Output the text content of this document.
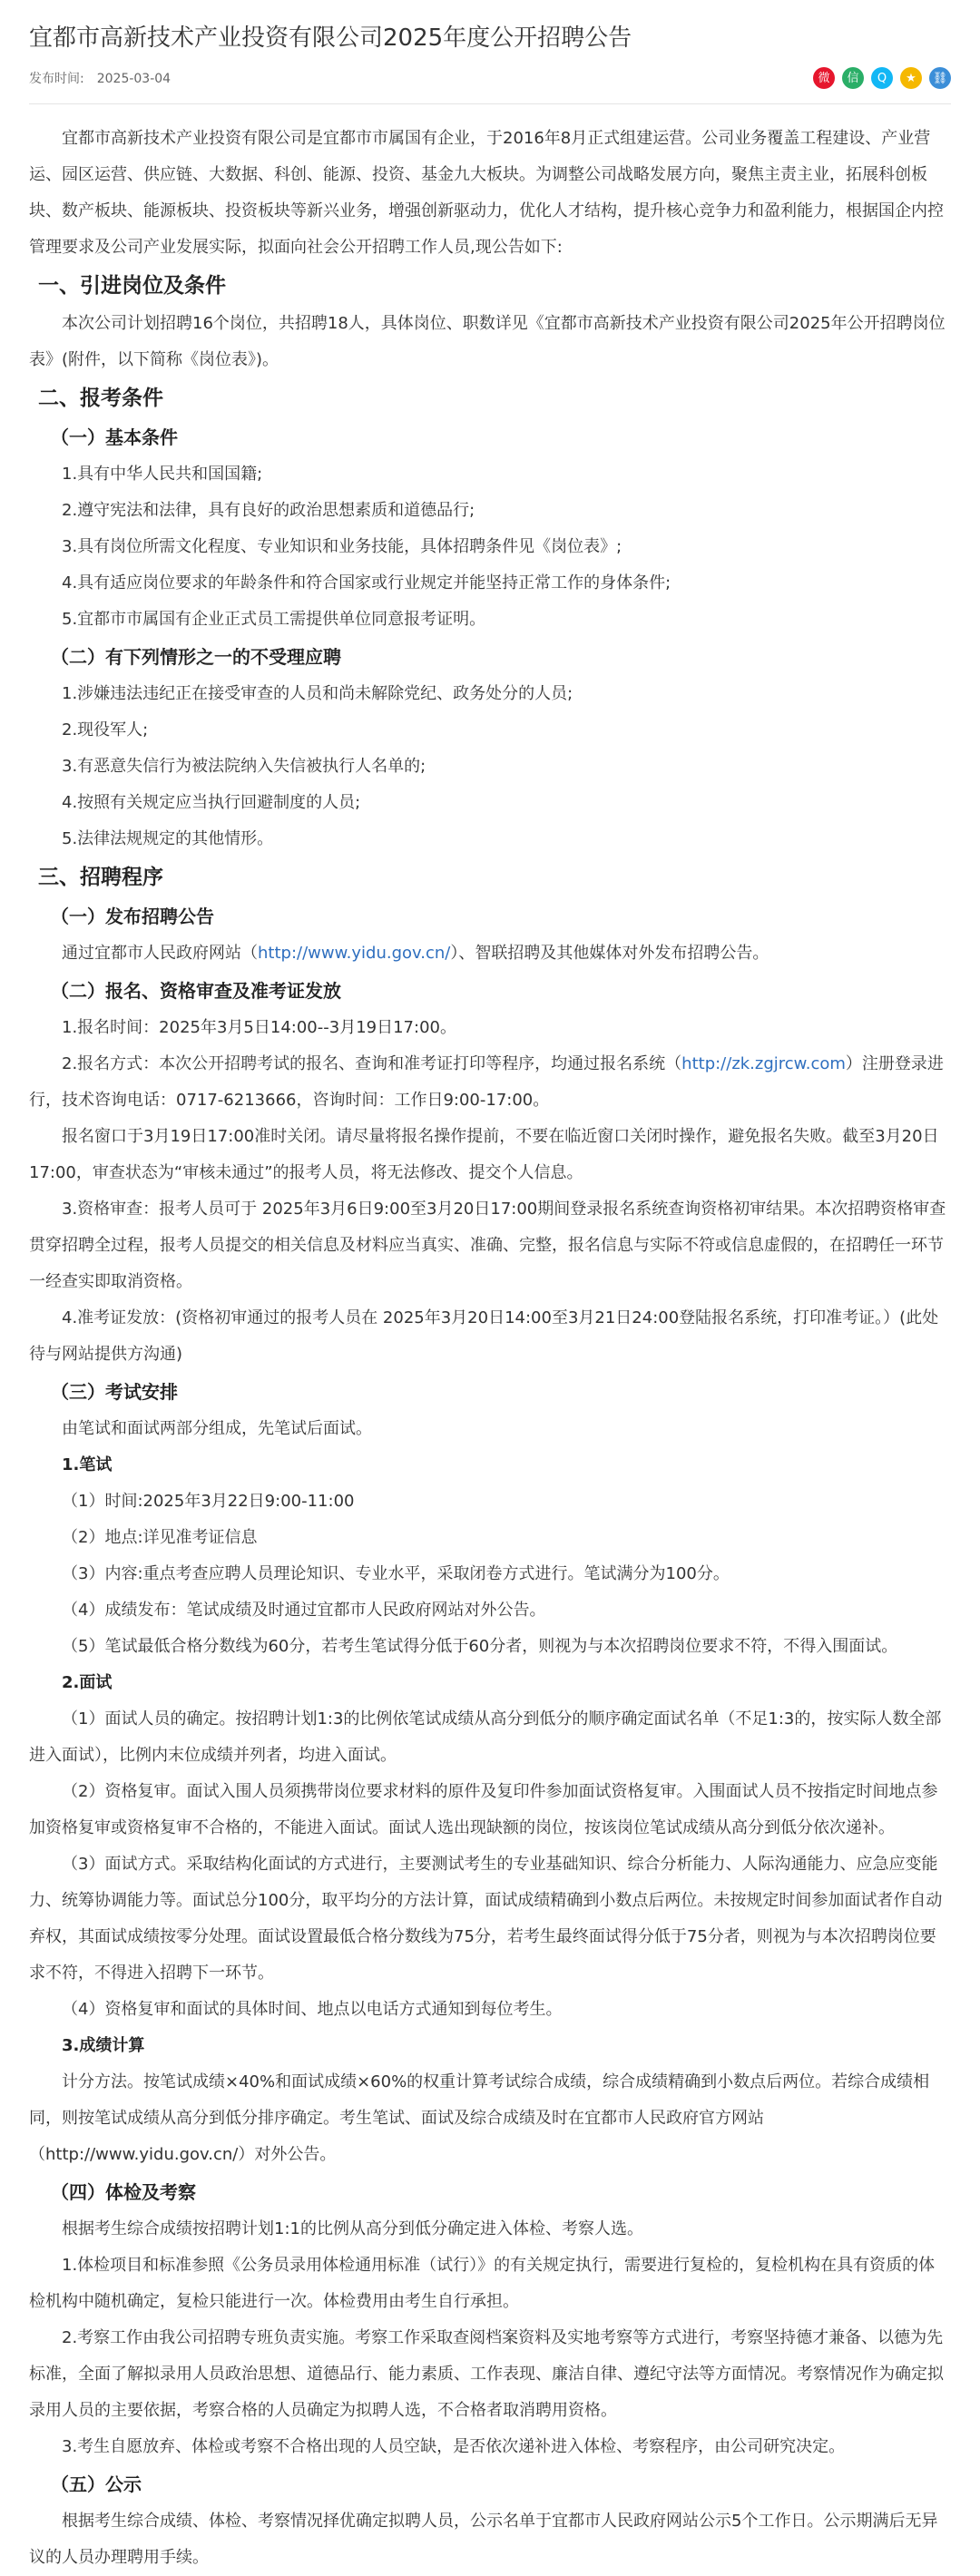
宜都市高新技术产业投资有限公司2025年度公开招聘公告
发布时间: 2025-03-04	微	信	Q	★	⛓

宜都市高新技术产业投资有限公司是宜都市市属国有企业，于2016年8月正式组建运营。公司业务覆盖工程建设、产业营运、园区运营、供应链、大数据、科创、能源、投资、基金九大板块。为调整公司战略发展方向，聚焦主责主业，拓展科创板块、数产板块、能源板块、投资板块等新兴业务，增强创新驱动力，优化人才结构，提升核心竞争力和盈利能力，根据国企内控管理要求及公司产业发展实际，拟面向社会公开招聘工作人员,现公告如下:

一、引进岗位及条件

本次公司计划招聘16个岗位，共招聘18人，具体岗位、职数详见《宜都市高新技术产业投资有限公司2025年公开招聘岗位表》(附件，以下简称《岗位表》)。

二、报考条件
（一）基本条件

1.具有中华人民共和国国籍;

2.遵守宪法和法律，具有良好的政治思想素质和道德品行;

3.具有岗位所需文化程度、专业知识和业务技能，具体招聘条件见《岗位表》;

4.具有适应岗位要求的年龄条件和符合国家或行业规定并能坚持正常工作的身体条件;

5.宜都市市属国有企业正式员工需提供单位同意报考证明。

（二）有下列情形之一的不受理应聘

1.涉嫌违法违纪正在接受审查的人员和尚未解除党纪、政务处分的人员;

2.现役军人;

3.有恶意失信行为被法院纳入失信被执行人名单的;

4.按照有关规定应当执行回避制度的人员;

5.法律法规规定的其他情形。

三、招聘程序
（一）发布招聘公告

通过宜都市人民政府网站（http://www.yidu.gov.cn/）、智联招聘及其他媒体对外发布招聘公告。

（二）报名、资格审查及准考证发放

1.报名时间：2025年3月5日14:00--3月19日17:00。

2.报名方式：本次公开招聘考试的报名、查询和准考证打印等程序，均通过报名系统（http://zk.zgjrcw.com）注册登录进行，技术咨询电话：0717-6213666，咨询时间：工作日9:00-17:00。

报名窗口于3月19日17:00准时关闭。请尽量将报名操作提前，不要在临近窗口关闭时操作，避免报名失败。截至3月20日17:00，审查状态为“审核未通过”的报考人员，将无法修改、提交个人信息。

3.资格审查：报考人员可于 2025年3月6日9:00至3月20日17:00期间登录报名系统查询资格初审结果。本次招聘资格审查贯穿招聘全过程，报考人员提交的相关信息及材料应当真实、准确、完整，报名信息与实际不符或信息虚假的，在招聘任一环节一经查实即取消资格。

4.准考证发放：(资格初审通过的报考人员在 2025年3月20日14:00至3月21日24:00登陆报名系统，打印准考证。）(此处待与网站提供方沟通)

（三）考试安排

由笔试和面试两部分组成，先笔试后面试。

1.笔试

（1）时间:2025年3月22日9:00-11:00

（2）地点:详见准考证信息

（3）内容:重点考查应聘人员理论知识、专业水平，采取闭卷方式进行。笔试满分为100分。

（4）成绩发布：笔试成绩及时通过宜都市人民政府网站对外公告。

（5）笔试最低合格分数线为60分，若考生笔试得分低于60分者，则视为与本次招聘岗位要求不符，不得入围面试。

2.面试

（1）面试人员的确定。按招聘计划1:3的比例依笔试成绩从高分到低分的顺序确定面试名单（不足1:3的，按实际人数全部进入面试），比例内末位成绩并列者，均进入面试。

（2）资格复审。面试入围人员须携带岗位要求材料的原件及复印件参加面试资格复审。入围面试人员不按指定时间地点参加资格复审或资格复审不合格的，不能进入面试。面试人选出现缺额的岗位，按该岗位笔试成绩从高分到低分依次递补。

（3）面试方式。采取结构化面试的方式进行，主要测试考生的专业基础知识、综合分析能力、人际沟通能力、应急应变能力、统筹协调能力等。面试总分100分，取平均分的方法计算，面试成绩精确到小数点后两位。未按规定时间参加面试者作自动弃权，其面试成绩按零分处理。面试设置最低合格分数线为75分，若考生最终面试得分低于75分者，则视为与本次招聘岗位要求不符，不得进入招聘下一环节。

（4）资格复审和面试的具体时间、地点以电话方式通知到每位考生。

3.成绩计算

计分方法。按笔试成绩×40%和面试成绩×60%的权重计算考试综合成绩，综合成绩精确到小数点后两位。若综合成绩相同，则按笔试成绩从高分到低分排序确定。考生笔试、面试及综合成绩及时在宜都市人民政府官方网站（http://www.yidu.gov.cn/）对外公告。

（四）体检及考察

根据考生综合成绩按招聘计划1:1的比例从高分到低分确定进入体检、考察人选。

1.体检项目和标准参照《公务员录用体检通用标准（试行）》的有关规定执行，需要进行复检的，复检机构在具有资质的体检机构中随机确定，复检只能进行一次。体检费用由考生自行承担。

2.考察工作由我公司招聘专班负责实施。考察工作采取查阅档案资料及实地考察等方式进行，考察坚持德才兼备、以德为先标准，全面了解拟录用人员政治思想、道德品行、能力素质、工作表现、廉洁自律、遵纪守法等方面情况。考察情况作为确定拟录用人员的主要依据，考察合格的人员确定为拟聘人选，不合格者取消聘用资格。

3.考生自愿放弃、体检或考察不合格出现的人员空缺，是否依次递补进入体检、考察程序，由公司研究决定。

（五）公示

根据考生综合成绩、体检、考察情况择优确定拟聘人员，公示名单于宜都市人民政府网站公示5个工作日。公示期满后无异议的人员办理聘用手续。
